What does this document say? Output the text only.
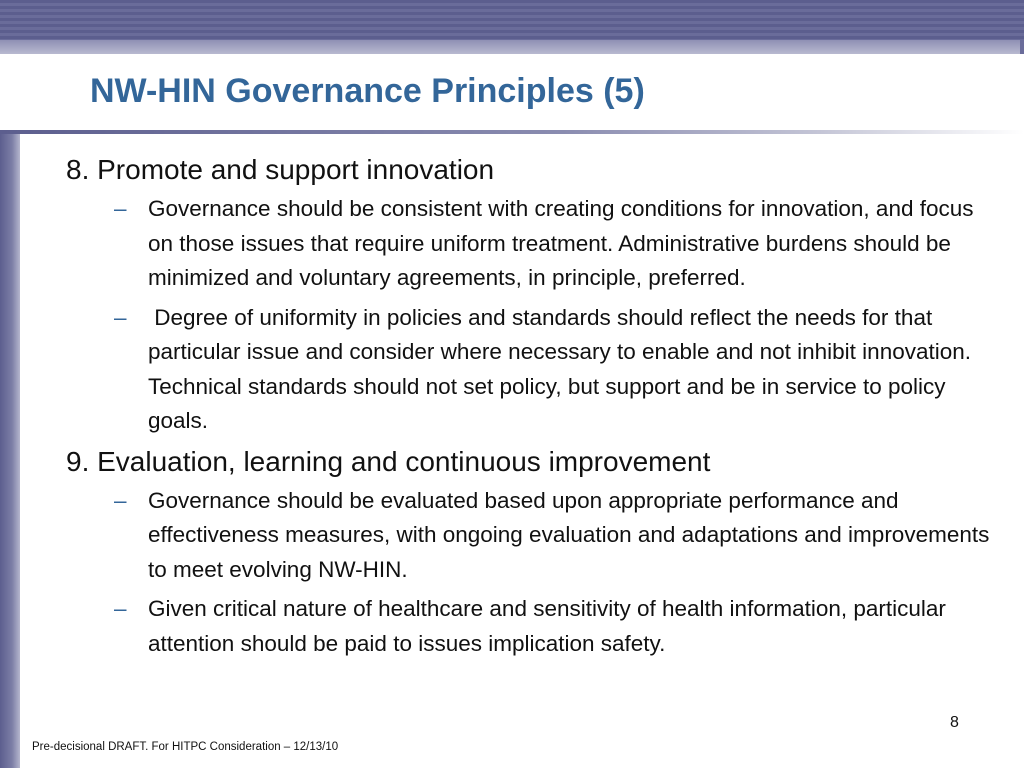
NW-HIN Governance Principles (5)

8. Promote and support innovation

– Governance should be consistent with creating conditions for innovation, and focus on those issues that require uniform treatment. Administrative burdens should be minimized and voluntary agreements, in principle, preferred.
– Degree of uniformity in policies and standards should reflect the needs for that particular issue and consider where necessary to enable and not inhibit innovation. Technical standards should not set policy, but support and be in service to policy goals.

9. Evaluation, learning and continuous improvement

– Governance should be evaluated based upon appropriate performance and effectiveness measures, with ongoing evaluation and adaptations and improvements to meet evolving NW-HIN.
– Given critical nature of healthcare and sensitivity of health information, particular attention should be paid to issues implication safety.
Pre-decisional DRAFT. For HITPC Consideration – 12/13/10
8
